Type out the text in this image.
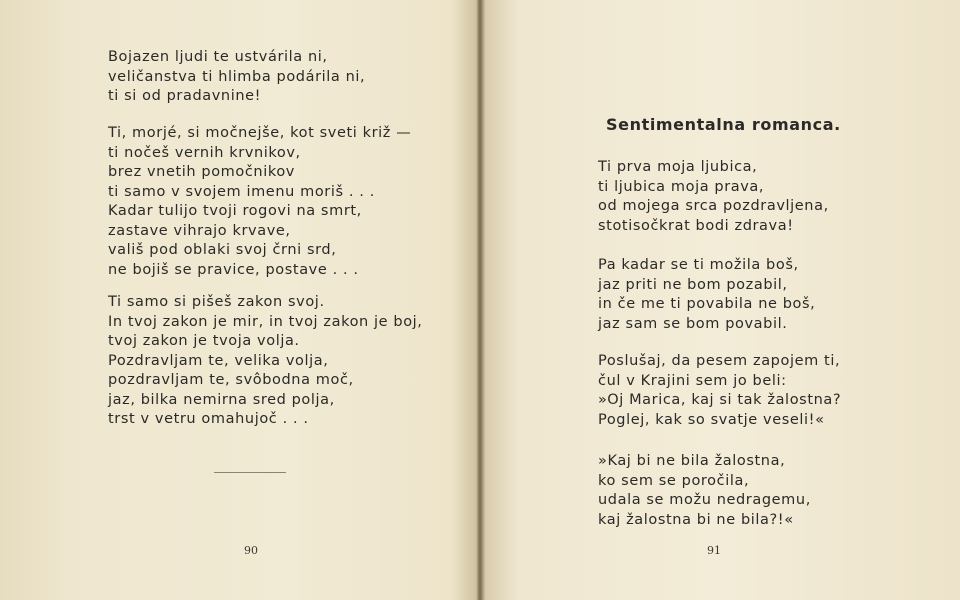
Bojazen ljudi te ustvárila ni,
veličanstva ti hlimba podárila ni,
ti si od pradavnine!
Ti, morjé, si močnejše, kot sveti križ —
ti nočeš vernih krvnikov,
brez vnetih pomočnikov
ti samo v svojem imenu moriš . . .
Kadar tulijo tvoji rogovi na smrt,
zastave vihrajo krvave,
vališ pod oblaki svoj črni srd,
ne bojiš se pravice, postave . . .
Ti samo si pišeš zakon svoj.
In tvoj zakon je mir, in tvoj zakon je boj,
tvoj zakon je tvoja volja.
Pozdravljam te, velika volja,
pozdravljam te, svôbodna moč,
jaz, bilka nemirna sred polja,
trst v vetru omahujoč . . .
90
Sentimentalna romanca.
Ti prva moja ljubica,
ti ljubica moja prava,
od mojega srca pozdravljena,
stotisočkrat bodi zdrava!
Pa kadar se ti možila boš,
jaz priti ne bom pozabil,
in če me ti povabila ne boš,
jaz sam se bom povabil.
Poslušaj, da pesem zapojem ti,
čul v Krajini sem jo beli:
»Oj Marica, kaj si tak žalostna?
Poglej, kak so svatje veseli!«
»Kaj bi ne bila žalostna,
ko sem se poročila,
udala se možu nedragemu,
kaj žalostna bi ne bila?!«
91
